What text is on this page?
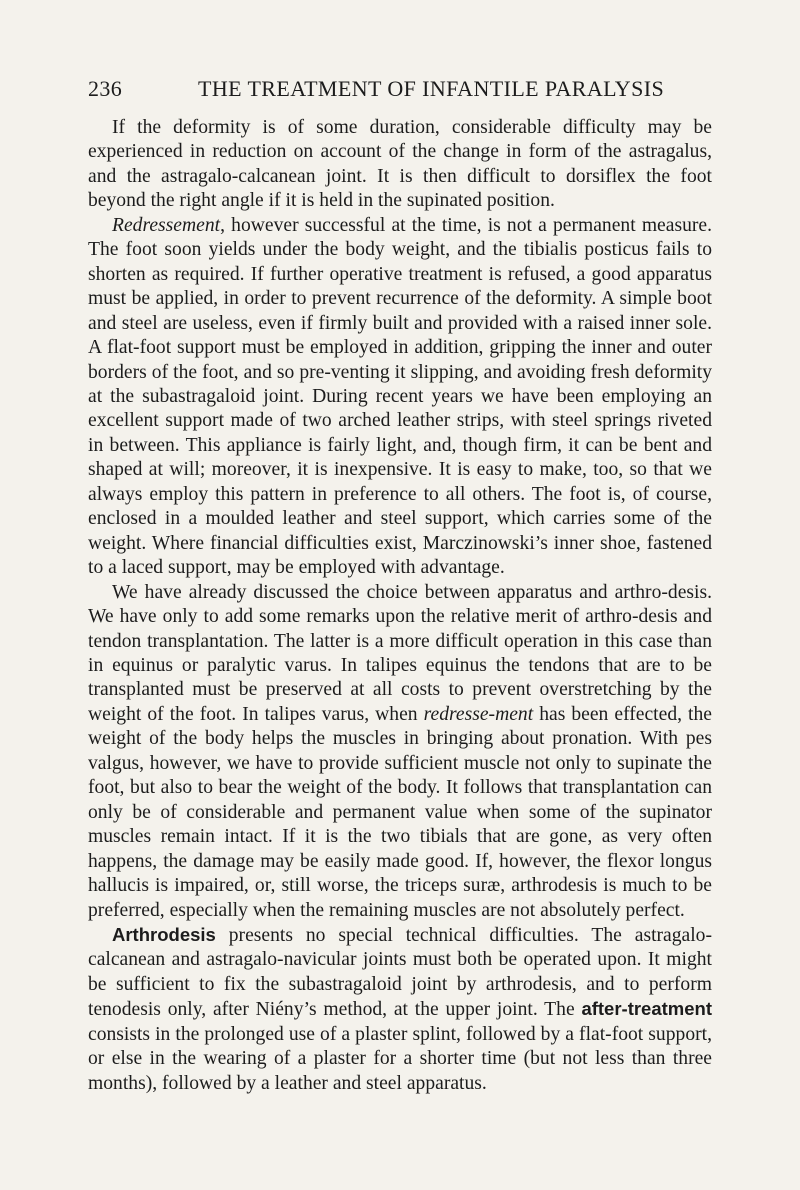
236	THE TREATMENT OF INFANTILE PARALYSIS

If the deformity is of some duration, considerable difficulty may be experienced in reduction on account of the change in form of the astragalus, and the astragalo-calcanean joint. It is then difficult to dorsiflex the foot beyond the right angle if it is held in the supinated position.

Redressement, however successful at the time, is not a permanent measure. The foot soon yields under the body weight, and the tibialis posticus fails to shorten as required. If further operative treatment is refused, a good apparatus must be applied, in order to prevent recurrence of the deformity. A simple boot and steel are useless, even if firmly built and provided with a raised inner sole. A flat-foot support must be employed in addition, gripping the inner and outer borders of the foot, and so pre-venting it slipping, and avoiding fresh deformity at the subastragaloid joint. During recent years we have been employing an excellent support made of two arched leather strips, with steel springs riveted in between. This appliance is fairly light, and, though firm, it can be bent and shaped at will; moreover, it is inexpensive. It is easy to make, too, so that we always employ this pattern in preference to all others. The foot is, of course, enclosed in a moulded leather and steel support, which carries some of the weight. Where financial difficulties exist, Marczinowski’s inner shoe, fastened to a laced support, may be employed with advantage.

We have already discussed the choice between apparatus and arthro-desis. We have only to add some remarks upon the relative merit of arthro-desis and tendon transplantation. The latter is a more difficult operation in this case than in equinus or paralytic varus. In talipes equinus the tendons that are to be transplanted must be preserved at all costs to prevent overstretching by the weight of the foot. In talipes varus, when redresse-ment has been effected, the weight of the body helps the muscles in bringing about pronation. With pes valgus, however, we have to provide sufficient muscle not only to supinate the foot, but also to bear the weight of the body. It follows that transplantation can only be of considerable and permanent value when some of the supinator muscles remain intact. If it is the two tibials that are gone, as very often happens, the damage may be easily made good. If, however, the flexor longus hallucis is impaired, or, still worse, the triceps suræ, arthrodesis is much to be preferred, especially when the remaining muscles are not absolutely perfect.

Arthrodesis presents no special technical difficulties. The astragalo-calcanean and astragalo-navicular joints must both be operated upon. It might be sufficient to fix the subastragaloid joint by arthrodesis, and to perform tenodesis only, after Niény’s method, at the upper joint. The after-treatment consists in the prolonged use of a plaster splint, followed by a flat-foot support, or else in the wearing of a plaster for a shorter time (but not less than three months), followed by a leather and steel apparatus.
